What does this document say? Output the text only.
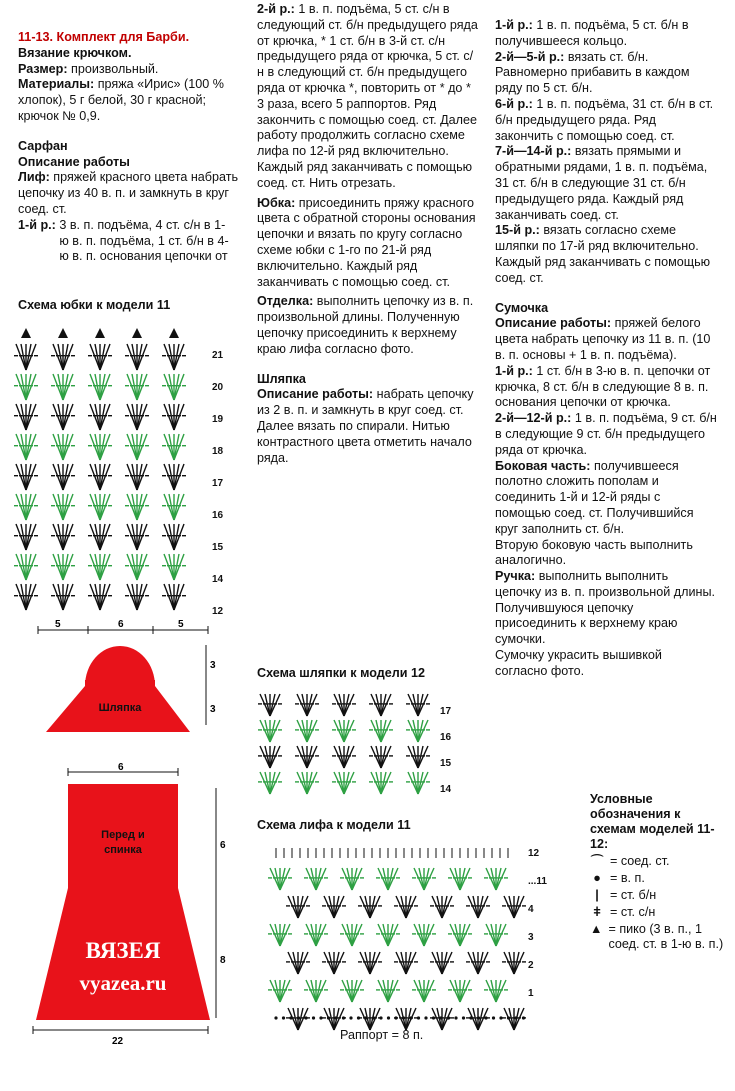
11-13. Комплект для Барби.

Вязание крючком.

Размер: произвольный.

Материалы: пряжа «Ирис» (100 % хлопок), 5 г белой, 30 г красной; крючок № 0,9.

Сарфан

Описание работы

Лиф: пряжей красного цвета набрать цепочку из 40 в. п. и замкнуть в круг соед. ст.

1-й р.: 3 в. п. подъёма, 4 ст. с/н в 1-ю в. п. подъёма, 1 ст. б/н в 4-ю в. п. основания цепочки от

2-й р.: 1 в. п. подъёма, 5 ст. с/н в следующий ст. б/н предыдущего ряда от крючка, * 1 ст. б/н в 3-й ст. с/н предыдущего ряда от крючка, 5 ст. с/н в следующий ст. б/н предыдущего ряда от крючка *, повторить от * до * 3 раза, всего 5 раппортов. Ряд закончить с помощью соед. ст. Далее работу продолжить согласно схеме лифа по 12-й ряд включительно. Каждый ряд заканчивать с помощью соед. ст. Нить отрезать.

Юбка: присоединить пряжу красного цвета с обратной стороны основания цепочки и вязать по кругу согласно схеме юбки с 1-го по 21-й ряд включительно. Каждый ряд заканчивать с помощью соед. ст.

Отделка: выполнить цепочку из в. п. произвольной длины. Полученную цепочку присоединить к верхнему краю лифа согласно фото.

Шляпка

Описание работы: набрать цепочку из 2 в. п. и замкнуть в круг соед. ст. Далее вязать по спирали. Нитью контрастного цвета отметить начало ряда.

1-й р.: 1 в. п. подъёма, 5 ст. б/н в получившееся кольцо.

2-й—5-й р.: вязать ст. б/н. Равномерно прибавить в каждом ряду по 5 ст. б/н.

6-й р.: 1 в. п. подъёма, 31 ст. б/н в ст. б/н предыдущего ряда. Ряд закончить с помощью соед. ст.

7-й—14-й р.: вязать прямыми и обратными рядами, 1 в. п. подъёма, 31 ст. б/н в следующие 31 ст. б/н предыдущего ряда. Каждый ряд заканчивать соед. ст.

15-й р.: вязать согласно схеме шляпки по 17-й ряд включительно. Каждый ряд заканчивать с помощью соед. ст.

Сумочка

Описание работы: пряжей белого цвета набрать цепочку из 11 в. п. (10 в. п. основы + 1 в. п. подъёма).

1-й р.: 1 ст. б/н в 3-ю в. п. цепочки от крючка, 8 ст. б/н в следующие 8 в. п. основания цепочки от крючка.

2-й—12-й р.: 1 в. п. подъёма, 9 ст. б/н в следующие 9 ст. б/н предыдущего ряда от крючка.

Боковая часть: получившееся полотно сложить пополам и соединить 1-й и 12-й ряды с помощью соед. ст. Получившийся круг заполнить ст. б/н.

Вторую боковую часть выполнить аналогично.

Ручка: выполнить выполнить цепочку из в. п. произвольной длины. Получившуюся цепочку присоединить к верхнему краю сумочки.

Сумочку украсить вышивкой согласно фото.

Схема юбки к модели 11
Схема шляпки к модели 12
Схема лифа к модели 11
Раппорт = 8 п.
21
20
19
18
17
16
15
14
12
17
16
15
14
12
...11
4
3
2
1
5	6	5
3
3
Шляпка
6
22
6
8
Перед и
спинка
ВЯЗЕЯ
vyazea.ru
Условные обозначения к схемам моделей 11-12:
⌒ = соед. ст.
● = в. п.
| = ст. б/н
ǂ = ст. с/н
▲ = пико (3 в. п., 1 соед. ст. в 1-ю в. п.)
